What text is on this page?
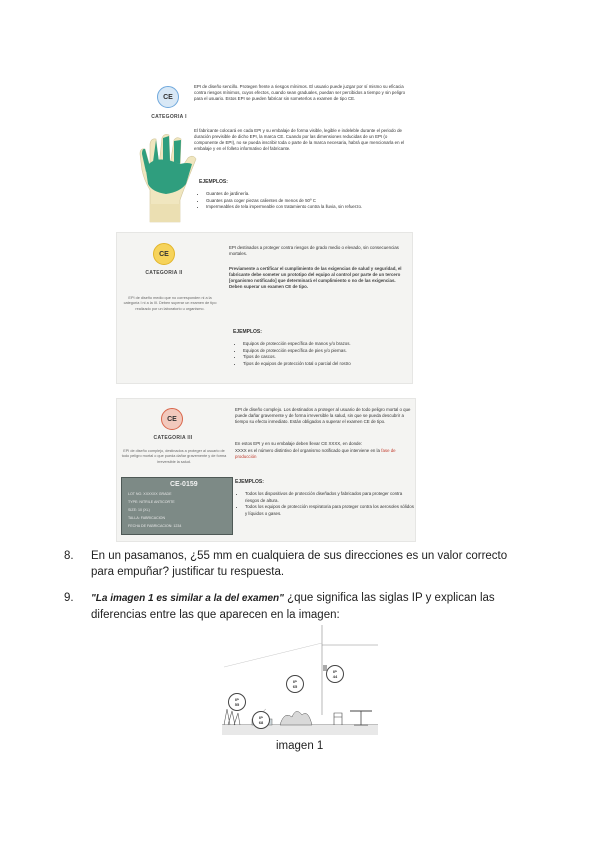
CE
CATEGORIA I
EPI de diseño sencillo. Protegen frente a riesgos mínimos. El usuario puede juzgar por sí mismo su eficacia contra riesgos mínimos, cuyos efectos, cuando sean graduales, puedan ser percibidos a tiempo y sin peligro para el usuario. Estos EPI se pueden fabricar sin someterlos a examen de tipo CE.
El fabricante colocará en cada EPI y su embalaje de forma visible, legible e indeleble durante el periodo de duración previsible de dicho EPI, la marca CE. Cuando por las dimensiones reducidas de un EPI (o componente de EPI), no se pueda inscribir toda o parte de la marca necesaria, habrá que mencionarla en el embalaje y en el folleto informativo del fabricante.
EJEMPLOS:
• Guantes de jardinería.
• Guantes para coger piezas calientes de menos de 50º C
• Impermeables de tela impermeable con tratamiento contra la lluvia, sin refuerzo.
CE
CATEGORIA II
EPI de diseño medio que no corresponden ni a la categoría I ni a la III. Deben superar un examen de tipo realizado por un laboratorio u organismo.
EPI destinados a proteger contra riesgos de grado medio o elevado, sin consecuencias mortales.
Previamente a certificar el cumplimiento de las exigencias de salud y seguridad, el fabricante debe someter un prototipo del equipo al control por parte de un tercero [organismo notificado] que determinará el cumplimiento o no de las exigencias. Deben superar un examen CE de tipo.
EJEMPLOS:
• Equipos de protección específica de manos y/o brazos.
• Equipos de protección específica de pies y/o piernas.
• Tipos de cascos.
• Tipos de equipos de protección total o parcial del rostro
CE
CATEGORIA III
EPI de diseño complejo, destinados a proteger al usuario de todo peligro mortal o que pueda dañar gravemente y de forma irreversible la salud.
EPI de diseño complejo. Los destinados a proteger al usuario de todo peligro mortal o que puede dañar gravemente y de forma irreversible la salud, sin que se pueda descubrir a tiempo su efecto inmediato. Están obligados a superar el examen CE de tipo.
En estos EPI y en su embalaje deben llevar CE XXXX, en donde:
XXXX es el número distintivo del organismo notificado que interviene en la fase de producción
CE-0159
LOT NO. XXXXXX GRADE
TYPE: NITRILE ANTICORTE
SIZE: 10 (XL)
TALLA: FABRICACION
FECHA DE FABRICACION: 1234
EJEMPLOS:
• Todos los dispositivos de protección diseñados y fabricados para proteger contra riesgos de altura.
• Todos los equipos de protección respiratoria para proteger contra los aerosoles sólidos y líquidos o gases.
8. En un pasamanos, ¿55 mm en cualquiera de sus direcciones es un valor correcto
para empuñar? justificar tu respuesta.
9. "La imagen 1 es similar a la del examen" ¿que significa las siglas IP y explican las
diferencias entre las que aparecen en la imagen:
IP
55
IP
65
IP
44
IP
68
imagen 1
